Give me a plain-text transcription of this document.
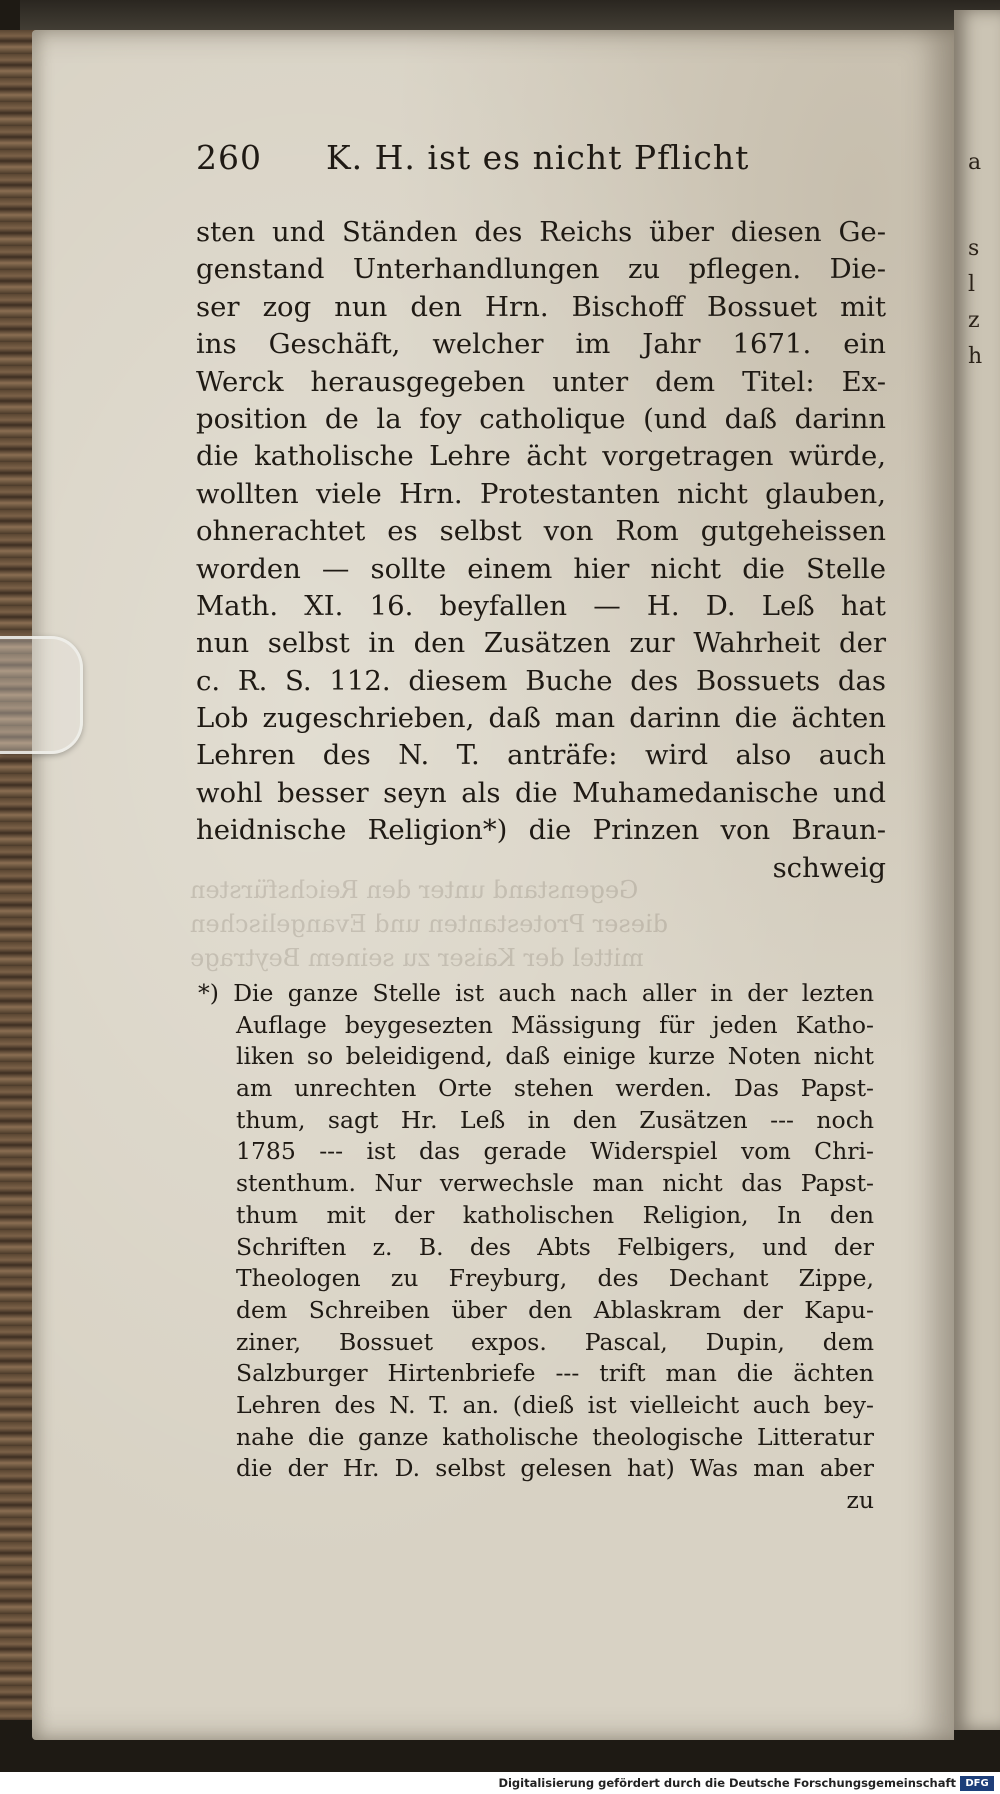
a
s
l
z
h
Gegenstand unter den Reichsfürsten
dieser Protestanten und Evangelischen
mittel der Kaiser zu seinem Beytrage
260	K. H. ist es nicht Pflicht
sten und Ständen des Reichs über diesen Ge-
genstand Unterhandlungen zu pflegen. Die-
ser zog nun den Hrn. Bischoff Bossuet mit
ins Geschäft, welcher im Jahr 1671. ein
Werck herausgegeben unter dem Titel: Ex-
position de la foy catholique (und daß darinn
die katholische Lehre ächt vorgetragen würde,
wollten viele Hrn. Protestanten nicht glauben,
ohnerachtet es selbst von Rom gutgeheissen
worden — sollte einem hier nicht die Stelle
Math. XI. 16. beyfallen — H. D. Leß hat
nun selbst in den Zusätzen zur Wahrheit der
c. R. S. 112. diesem Buche des Bossuets das
Lob zugeschrieben, daß man darinn die ächten
Lehren des N. T. anträfe: wird also auch
wohl besser seyn als die Muhamedanische und
heidnische Religion*) die Prinzen von Braun-
schweig
*) Die ganze Stelle ist auch nach aller in der lezten
Auflage beygesezten Mässigung für jeden Katho-
liken so beleidigend, daß einige kurze Noten nicht
am unrechten Orte stehen werden. Das Papst-
thum, sagt Hr. Leß in den Zusätzen --- noch
1785 --- ist das gerade Widerspiel vom Chri-
stenthum. Nur verwechsle man nicht das Papst-
thum mit der katholischen Religion, In den
Schriften z. B. des Abts Felbigers, und der
Theologen zu Freyburg, des Dechant Zippe,
dem Schreiben über den Ablaskram der Kapu-
ziner, Bossuet expos. Pascal, Dupin, dem
Salzburger Hirtenbriefe --- trift man die ächten
Lehren des N. T. an. (dieß ist vielleicht auch bey-
nahe die ganze katholische theologische Litteratur
die der Hr. D. selbst gelesen hat) Was man aber
zu
Digitalisierung gefördert durch die Deutsche Forschungsgemeinschaft DFG
